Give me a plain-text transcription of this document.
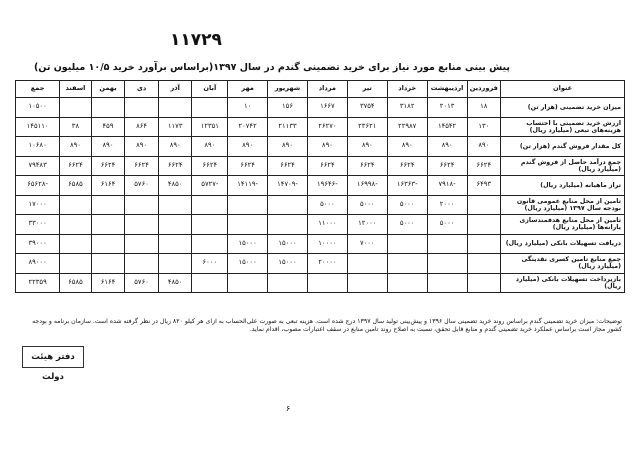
۱۱۷۲۹
پیش بینی منابع مورد نیاز برای خرید تضمینی گندم در سال ۱۳۹۷(براساس برآورد خرید ۱۰/۵ میلیون تن)
عنوان	فروردین	اردیبهشت	خرداد	تیر	مرداد	شهریور	مهر	آبان	آذر	دی	بهمن	اسفند	جمع
میزان خرید تضمینی (هزار تن)	۱۸	۲۰۱۳	۳۱۸۲	۳۷۵۴	۱۶۶۷	۱۵۶	۱۰						۱۰۵۰۰
ارزش خرید تضمینی با احتساب هزینه‌های تبعی (میلیارد ریال)	۱۳۰	۱۴۵۴۲	۲۲۹۸۷	۲۳۶۲۱	۲۶۲۷۰	۲۱۱۳۳	۲۰۷۴۲	۱۲۳۵۱	۱۱۷۳	۸۶۴	۴۵۹	۳۸	۱۴۵۱۱۰
کل مقدار فروش گندم (هزار تن)	۸۹۰	۸۹۰	۸۹۰	۸۹۰	۸۹۰	۸۹۰	۸۹۰	۸۹۰	۸۹۰	۸۹۰	۸۹۰	۸۹۰	۱۰۶۸۰
جمع درآمد حاصل از فروش گندم (میلیارد ریال)	۶۶۲۴	۶۶۲۴	۶۶۲۴	۶۶۲۴	۶۶۲۴	۶۶۲۴	۶۶۲۴	۶۶۲۴	۶۶۲۴	۶۶۲۴	۶۶۲۴	۶۶۲۴	۷۹۴۸۳
تراز ماهیانه (میلیارد ریال)	۶۴۹۳	-۷۹۱۸	-۱۶۳۶۳	-۱۶۹۹۸	-۱۹۶۴۶	-۱۴۷۰۹	-۱۴۱۱۹	-۵۷۲۷	۴۸۵۰	۵۷۶۰	۶۱۶۴	۶۵۸۵	-۶۵۶۲۸
تامین از محل منابع عمومی قانون بودجه سال ۱۳۹۷ (میلیارد ریال)		۲۰۰۰	۵۰۰۰	۵۰۰۰	۵۰۰۰								۱۷۰۰۰
تامین از محل منابع هدفمندسازی یارانه‌ها (میلیارد ریال)		۵۰۰۰	۵۰۰۰	۱۲۰۰۰	۱۱۰۰۰								۳۳۰۰۰
دریافت تسهیلات بانکی (میلیارد ریال)				۷۰۰۰	۱۰۰۰۰	۱۵۰۰۰	۱۵۰۰۰						۳۹۰۰۰
جمع منابع تامین کسری نقدینگی (میلیارد ریال)					۲۰۰۰۰	۱۵۰۰۰	۱۵۰۰۰	۶۰۰۰					۸۹۰۰۰
بازپرداخت تسهیلات بانکی (میلیارد ریال)									۴۸۵۰	۵۷۶۰	۶۱۶۴	۶۵۸۵	۲۲۳۵۹
توضیحات: میزان خرید تضمینی گندم براساس روند خرید تضمینی سال ۱۳۹۶ و پیش‌بینی تولید سال ۱۳۹۷ درج شده است. هزینه تبعی به صورت علی‌الحساب به ازای هر کیلو ۸۲۰ ریال در نظر گرفته شده است. سازمان برنامه و بودجه کشور مجاز است براساس عملکرد خرید تضمینی گندم و منابع قابل تحقق، نسبت به اصلاح روند تامین منابع در سقف اعتبارات مصوب، اقدام نماید.
دفتر هیئت دولت
۶
